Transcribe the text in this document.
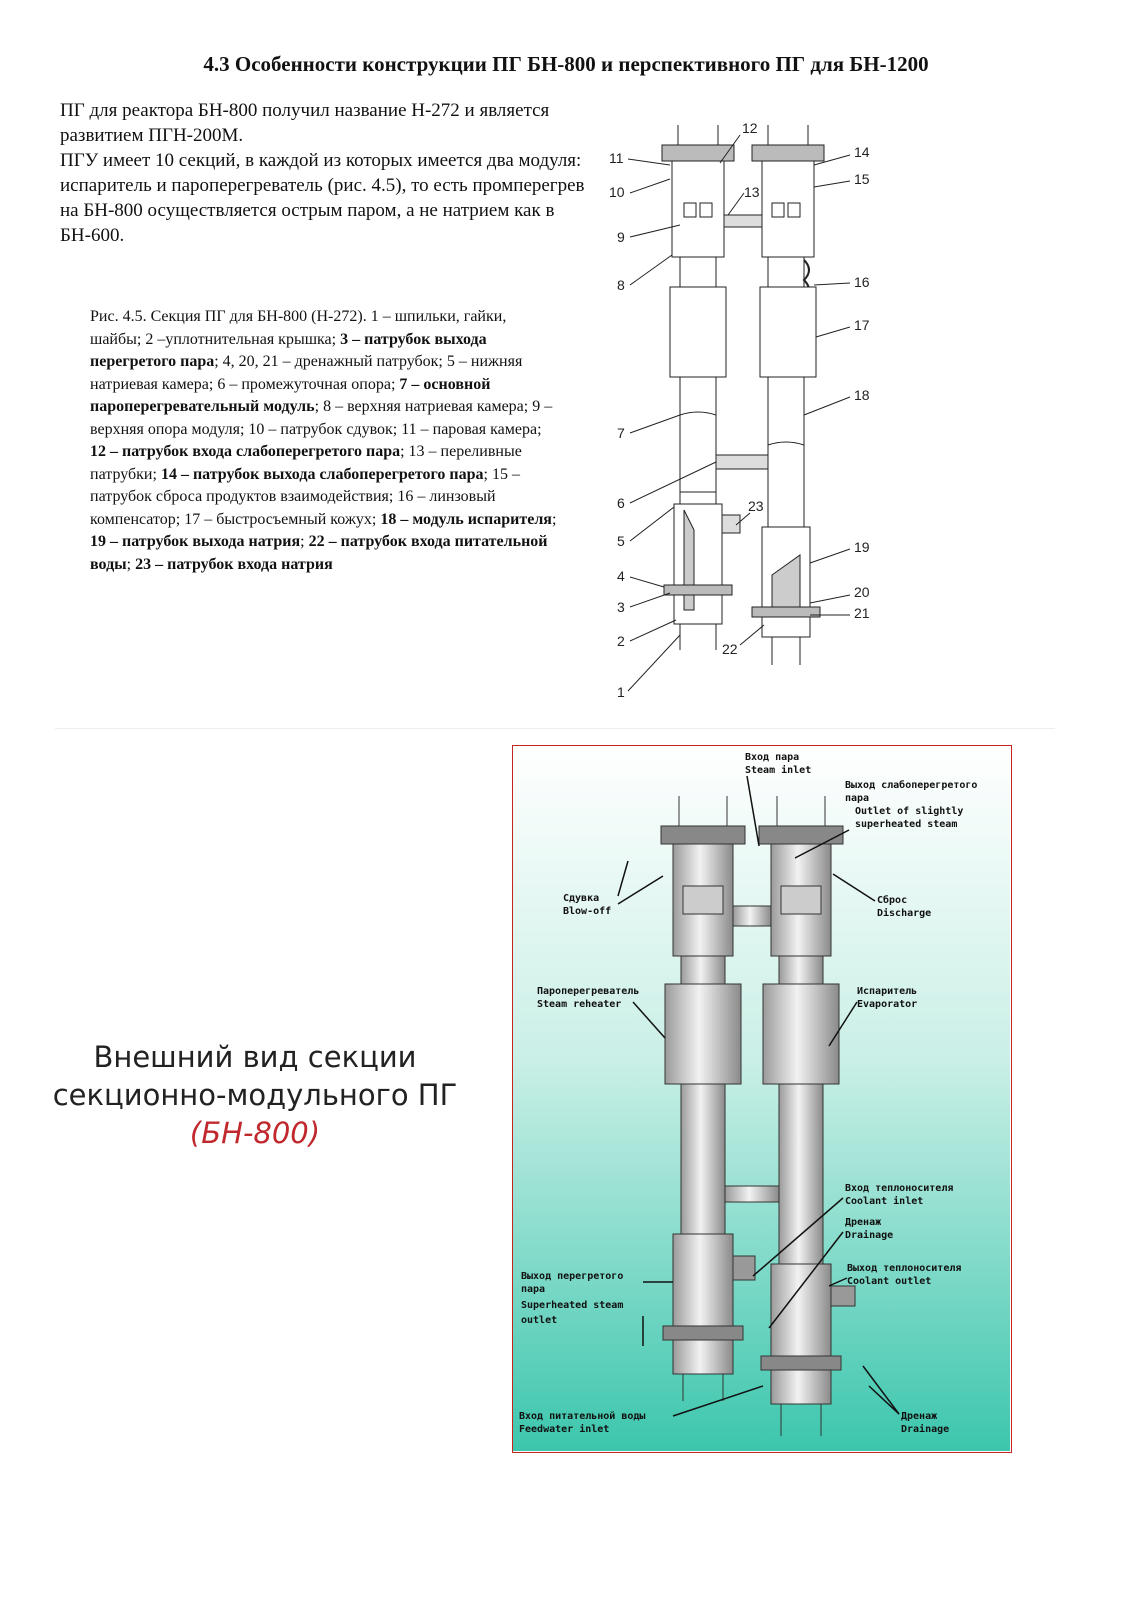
4.3 Особенности конструкции ПГ БН-800 и перспективного ПГ для БН-1200

ПГ для реактора БН-800 получил название Н-272 и является развитием ПГН-200М.

ПГУ имеет 10 секций, в каждой из которых имеется два модуля: испаритель и пароперегреватель (рис. 4.5), то есть промперегрев на БН-800 осуществляется острым паром, а не натрием как в БН-600.

Рис. 4.5. Секция ПГ для БН-800 (Н-272). 1 – шпильки, гайки, шайбы; 2 –уплотнительная крышка; 3 – патрубок выхода перегретого пара; 4, 20, 21 – дренажный патрубок; 5 – нижняя натриевая камера; 6 – промежуточная опора; 7 – основной пароперегревательный модуль; 8 – верхняя натриевая камера; 9 – верхняя опора модуля; 10 – патрубок сдувок; 11 – паровая камера; 12 – патрубок входа слабоперегретого пара; 13 – переливные патрубки; 14 – патрубок выхода слабоперегретого пара; 15 – патрубок сброса продуктов взаимодействия; 16 – линзовый компенсатор; 17 – быстросъемный кожух; 18 – модуль испарителя; 19 – патрубок выхода натрия; 22 – патрубок входа питательной воды; 23 – патрубок входа натрия
1
2
3
4
5
6
7
8
9
10
11
12
13
14
15
16
17
18
19
20
21
22
23
Внешний вид секции
секционно-модульного ПГ
(БН-800)
Вход пара
Steam inlet
Выход слабоперегретого
пара
Outlet of slightly
superheated steam
Сдувка
Blow-off
Сброс
Discharge
Пароперегреватель
Steam reheater
Испаритель
Evaporator
Вход теплоносителя
Coolant inlet
Дренаж
Drainage
Выход теплоносителя
Coolant outlet
Выход перегретого
пара
Superheated steam
outlet
Вход питательной воды
Feedwater inlet
Дренаж
Drainage
